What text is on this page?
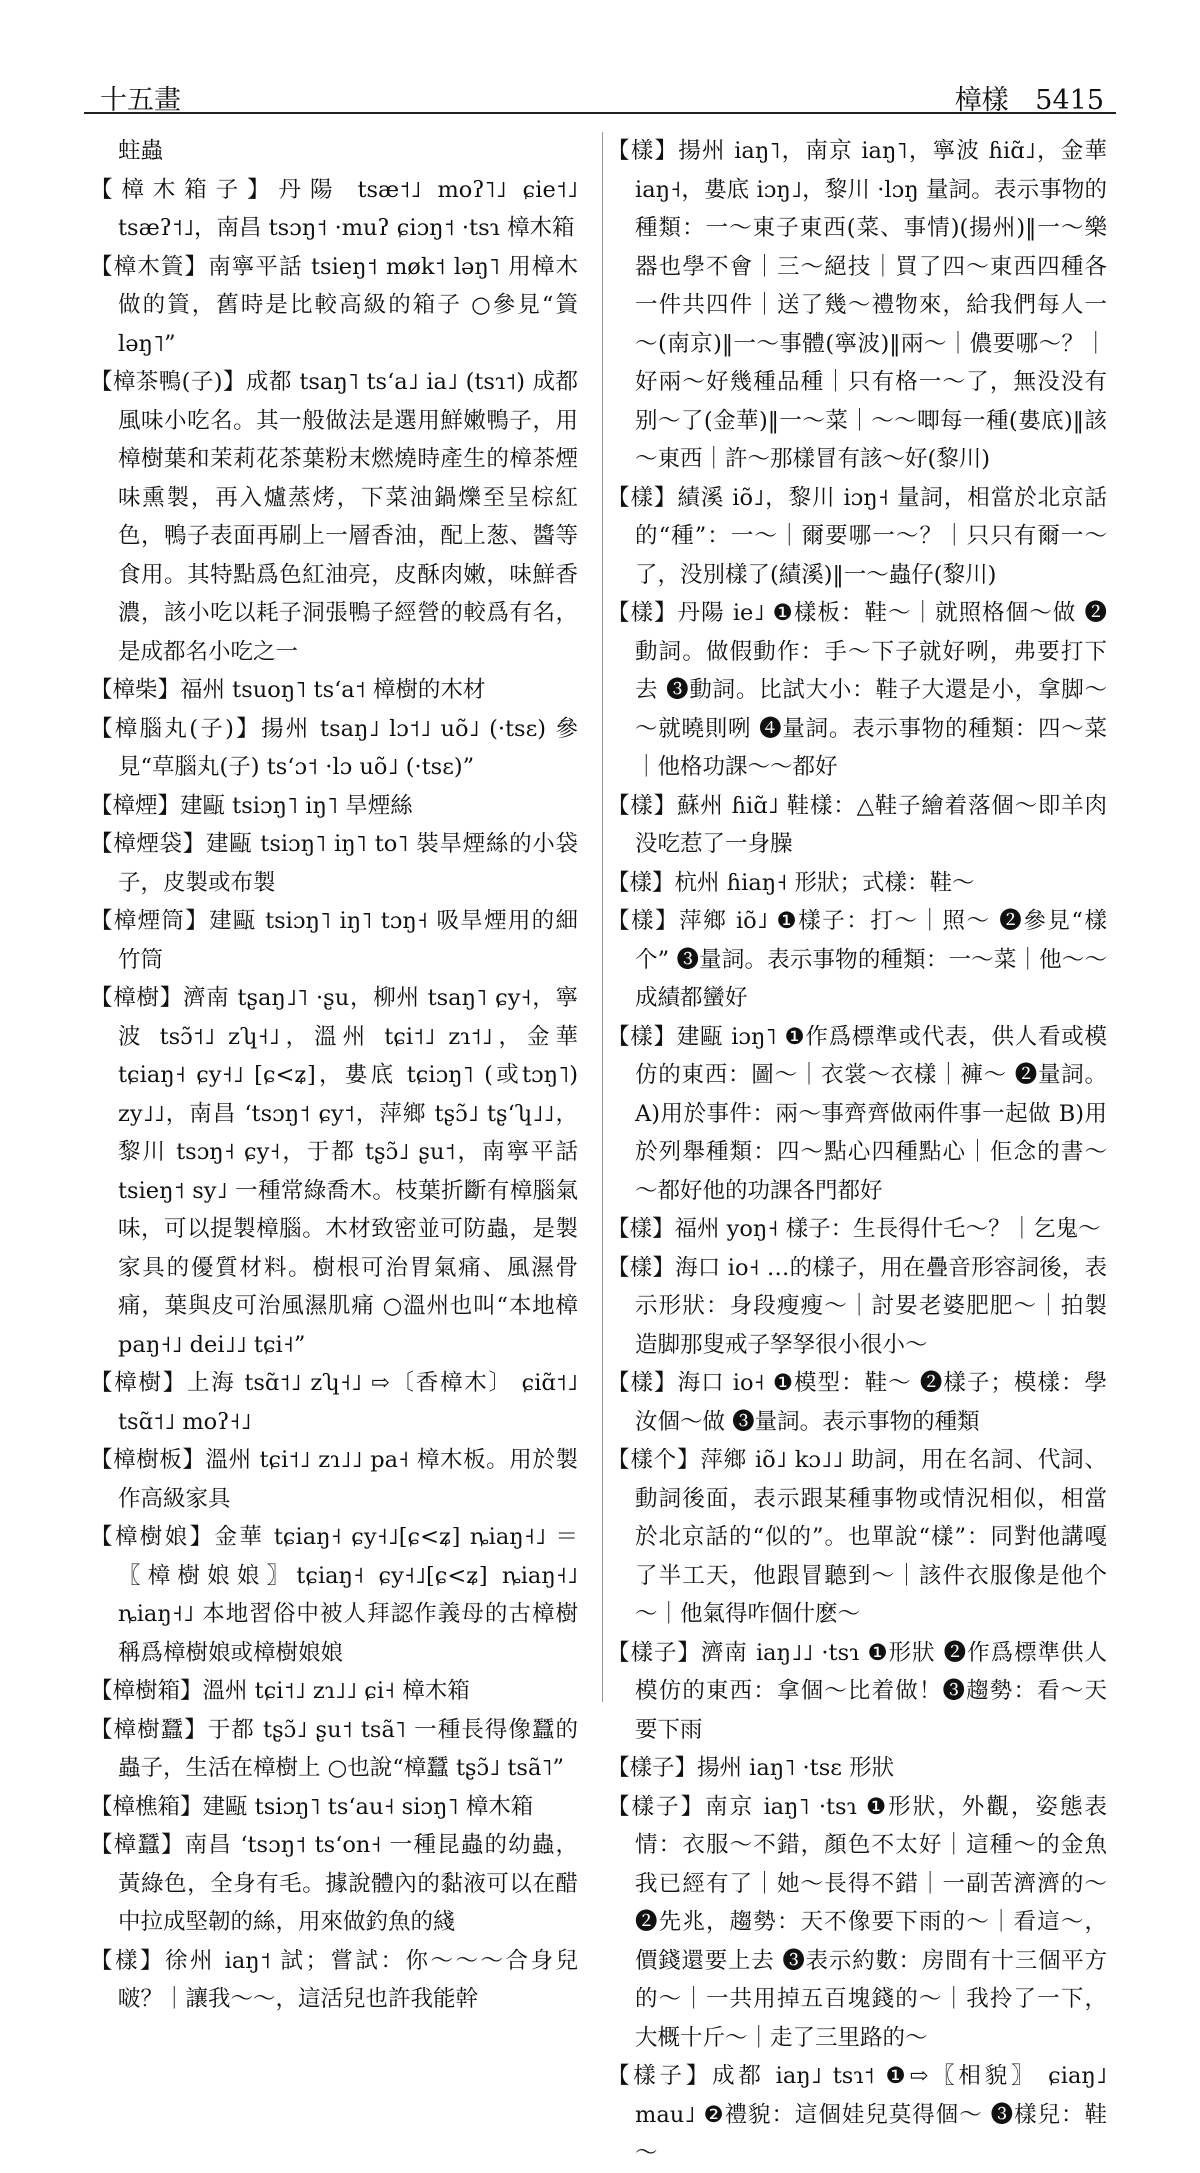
十五畫	樟樣 5415

蛀蟲

【樟木箱子】丹陽 tsæ˦˩ moʔ˥˩ ɕie˦˩ tsæʔ˦˩，南昌 tsɔŋ˦ ·muʔ ɕiɔŋ˦ ·tsɿ 樟木箱

【樟木篢】南寧平話 tsieŋ˦ møk˦ ləŋ˥ 用樟木做的篢，舊時是比較高級的箱子 ○參見“篢 ləŋ˥”

【樟茶鴨(子)】成都 tsaŋ˥ tsʻa˩ ia˩ (tsɿ˦) 成都風味小吃名。其一般做法是選用鮮嫩鴨子，用樟樹葉和茉莉花茶葉粉末燃燒時產生的樟茶煙味熏製，再入爐蒸烤，下菜油鍋爍至呈棕紅色，鴨子表面再刷上一層香油，配上葱、醬等食用。其特點爲色紅油亮，皮酥肉嫩，味鮮香濃，該小吃以耗子洞張鴨子經營的較爲有名，是成都名小吃之一

【樟柴】福州 tsuoŋ˥ tsʻa˦ 樟樹的木材

【樟腦丸(子)】揚州 tsaŋ˩ lɔ˦˩ uõ˩ (·tsɛ) 參見“草腦丸(子) tsʻɔ˦ ·lɔ uõ˩ (·tsɛ)”

【樟煙】建甌 tsiɔŋ˥ iŋ˥ 旱煙絲

【樟煙袋】建甌 tsiɔŋ˥ iŋ˥ to˥ 裝旱煙絲的小袋子，皮製或布製

【樟煙筒】建甌 tsiɔŋ˥ iŋ˥ tɔŋ˧ 吸旱煙用的細竹筒

【樟樹】濟南 tʂaŋ˩˥ ·ʂu，柳州 tsaŋ˥ ɕy˧，寧波 tsɔ̃˦˩ zʮ˧˩，溫州 tɕi˦˩ zɿ˦˩，金華 tɕiaŋ˧ ɕy˧˩ [ɕ<ʑ]，婁底 tɕiɔŋ˥ (或tɔŋ˥) zy˩˩，南昌 ʻtsɔŋ˦ ɕy˦，萍鄉 tʂɔ̃˩ tʂʻʮ˩˩，黎川 tsɔŋ˧ ɕy˧，于都 tʂɔ̃˩ ʂu˦，南寧平話 tsieŋ˦ sy˩ 一種常綠喬木。枝葉折斷有樟腦氣味，可以提製樟腦。木材致密並可防蟲，是製家具的優質材料。樹根可治胃氣痛、風濕骨痛，葉與皮可治風濕肌痛 ○溫州也叫“本地樟paŋ˧˩ dei˩˩ tɕi˧”

【樟樹】上海 tsɑ̃˦˩ zʮ˧˩ ⇨〔香樟木〕 ɕiɑ̃˦˩ tsɑ̃˦˩ moʔ˧˩

【樟樹板】溫州 tɕi˦˩ zɿ˩˩ pa˧ 樟木板。用於製作高級家具

【樟樹娘】金華 tɕiaŋ˧ ɕy˧˩[ɕ<ʑ] ȵiaŋ˧˩ ＝〖樟樹娘娘〗tɕiaŋ˧ ɕy˧˩[ɕ<ʑ] ȵiaŋ˧˩ ȵiaŋ˧˩ 本地習俗中被人拜認作義母的古樟樹稱爲樟樹娘或樟樹娘娘

【樟樹箱】溫州 tɕi˦˩ zɿ˩˩ ɕi˧ 樟木箱

【樟樹蠶】于都 tʂɔ̃˩ ʂu˦ tsã˥ 一種長得像蠶的蟲子，生活在樟樹上 ○也說“樟蠶 tʂɔ̃˩ tsã˥”

【樟樵箱】建甌 tsiɔŋ˥ tsʻau˧ siɔŋ˥ 樟木箱

【樟蠶】南昌 ʻtsɔŋ˦ tsʻon˧ 一種昆蟲的幼蟲，黃綠色，全身有毛。據說體內的黏液可以在醋中拉成堅韌的絲，用來做釣魚的綫

【樣】徐州 iaŋ˦ 試；嘗試：你～～～合身兒啵？｜讓我～～，這活兒也許我能幹

【樣】揚州 iaŋ˥，南京 iaŋ˥，寧波 ɦiɑ̃˩，金華 iaŋ˧，婁底 iɔŋ˩，黎川 ·lɔŋ 量詞。表示事物的種類：一～東子東西(菜、事情)(揚州)‖一～樂器也學不會｜三～絕技｜買了四～東西四種各一件共四件｜送了幾～禮物來，給我們每人一～(南京)‖一～事體(寧波)‖兩～｜儂要哪～？｜好兩～好幾種品種｜只有格一～了，無没没有别～了(金華)‖一～菜｜～～唧每一種(婁底)‖該～東西｜許～那樣冒有該～好(黎川)

【樣】績溪 iõ˩，黎川 iɔŋ˧ 量詞，相當於北京話的“種”：一～｜爾要哪一～？｜只只有爾一～了，没別樣了(績溪)‖一～蟲仔(黎川)

【樣】丹陽 ie˩ ❶樣板：鞋～｜就照格個～做 ❷動詞。做假動作：手～下子就好咧，弗要打下去 ❸動詞。比試大小：鞋子大還是小，拿脚～～就曉則咧 ❹量詞。表示事物的種類：四～菜｜他格功課～～都好

【樣】蘇州 ɦiɑ̃˩ 鞋樣：△鞋子繪着落個～即羊肉没吃惹了一身臊

【樣】杭州 ɦiaŋ˧ 形狀；式樣：鞋～

【樣】萍鄉 iõ˩ ❶樣子：打～｜照～ ❷參見“樣个” ❸量詞。表示事物的種類：一～菜｜他～～成績都蠻好

【樣】建甌 iɔŋ˥ ❶作爲標準或代表，供人看或模仿的東西：圖～｜衣裳～衣樣｜褲～ ❷量詞。A)用於事件：兩～事齊齊做兩件事一起做 B)用於列舉種類：四～點心四種點心｜佢念的書～～都好他的功課各門都好

【樣】福州 yoŋ˧ 樣子：生長得什乇～？｜乞鬼～

【樣】海口 io˧ …的樣子，用在疊音形容詞後，表示形狀：身段瘦瘦～｜討㚻老婆肥肥～｜拍製造脚那叟戒子孥孥很小很小～

【樣】海口 io˧ ❶模型：鞋～ ❷樣子；模樣：學汝個～做 ❸量詞。表示事物的種類

【樣个】萍鄉 iõ˩ kɔ˩˩ 助詞，用在名詞、代詞、動詞後面，表示跟某種事物或情況相似，相當於北京話的“似的”。也單說“樣”：同對他講嘎了半工天，他跟冒聽到～｜該件衣服像是他个～｜他氣得咋個什麽～

【樣子】濟南 iaŋ˩˩ ·tsɿ ❶形狀 ❷作爲標準供人模仿的東西：拿個～比着做！❸趨勢：看～天要下雨

【樣子】揚州 iaŋ˥ ·tsɛ 形狀

【樣子】南京 iaŋ˥ ·tsɿ ❶形狀，外觀，姿態表情：衣服～不錯，顏色不太好｜這種～的金魚我已經有了｜她～長得不錯｜一副苦濟濟的～ ❷先兆，趨勢：天不像要下雨的～｜看這～，價錢還要上去 ❸表示約數：房間有十三個平方的～｜一共用掉五百塊錢的～｜我拎了一下，大概十斤～｜走了三里路的～

【樣子】成都 iaŋ˩ tsɿ˦ ❶⇨〖相貌〗 ɕiaŋ˩ mau˩ ❷禮貌：這個娃兒莫得個～ ❸樣兒：鞋～
